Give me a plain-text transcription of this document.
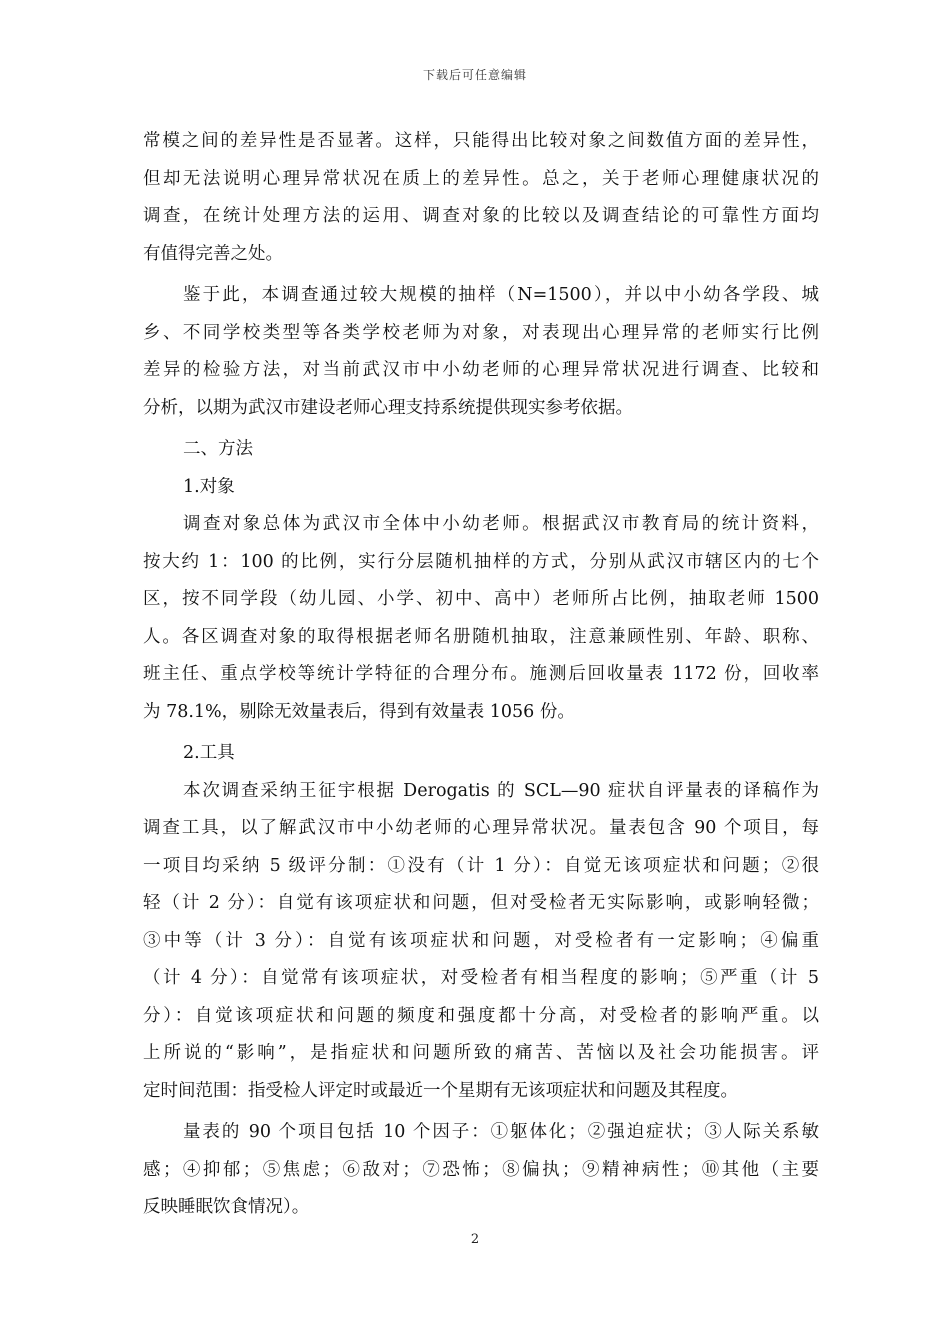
下载后可任意编辑
常模之间的差异性是否显著。这样，只能得出比较对象之间数值方面的差异性，
但却无法说明心理异常状况在质上的差异性。总之，关于老师心理健康状况的
调查，在统计处理方法的运用、调查对象的比较以及调查结论的可靠性方面均
有值得完善之处。
鉴于此，本调查通过较大规模的抽样（N=1500），并以中小幼各学段、城
乡、不同学校类型等各类学校老师为对象，对表现出心理异常的老师实行比例
差异的检验方法，对当前武汉市中小幼老师的心理异常状况进行调查、比较和
分析，以期为武汉市建设老师心理支持系统提供现实参考依据。
二、方法
1.对象
调查对象总体为武汉市全体中小幼老师。根据武汉市教育局的统计资料，
按大约 1：100 的比例，实行分层随机抽样的方式，分别从武汉市辖区内的七个
区，按不同学段（幼儿园、小学、初中、高中）老师所占比例，抽取老师 1500
人。各区调查对象的取得根据老师名册随机抽取，注意兼顾性别、年龄、职称、
班主任、重点学校等统计学特征的合理分布。施测后回收量表 1172 份，回收率
为 78.1%，剔除无效量表后，得到有效量表 1056 份。
2.工具
本次调查采纳王征宇根据 Derogatis 的 SCL—90 症状自评量表的译稿作为
调查工具，以了解武汉市中小幼老师的心理异常状况。量表包含 90 个项目，每
一项目均采纳 5 级评分制：①没有（计 1 分）：自觉无该项症状和问题；②很
轻（计 2 分）：自觉有该项症状和问题，但对受检者无实际影响，或影响轻微；
③中等（计 3 分）：自觉有该项症状和问题，对受检者有一定影响；④偏重
（计 4 分）：自觉常有该项症状，对受检者有相当程度的影响；⑤严重（计 5
分）：自觉该项症状和问题的频度和强度都十分高，对受检者的影响严重。以
上所说的“影响”，是指症状和问题所致的痛苦、苦恼以及社会功能损害。评
定时间范围：指受检人评定时或最近一个星期有无该项症状和问题及其程度。
量表的 90 个项目包括 10 个因子：①躯体化；②强迫症状；③人际关系敏
感；④抑郁；⑤焦虑；⑥敌对；⑦恐怖；⑧偏执；⑨精神病性；⑩其他（主要
反映睡眠饮食情况）。
2
